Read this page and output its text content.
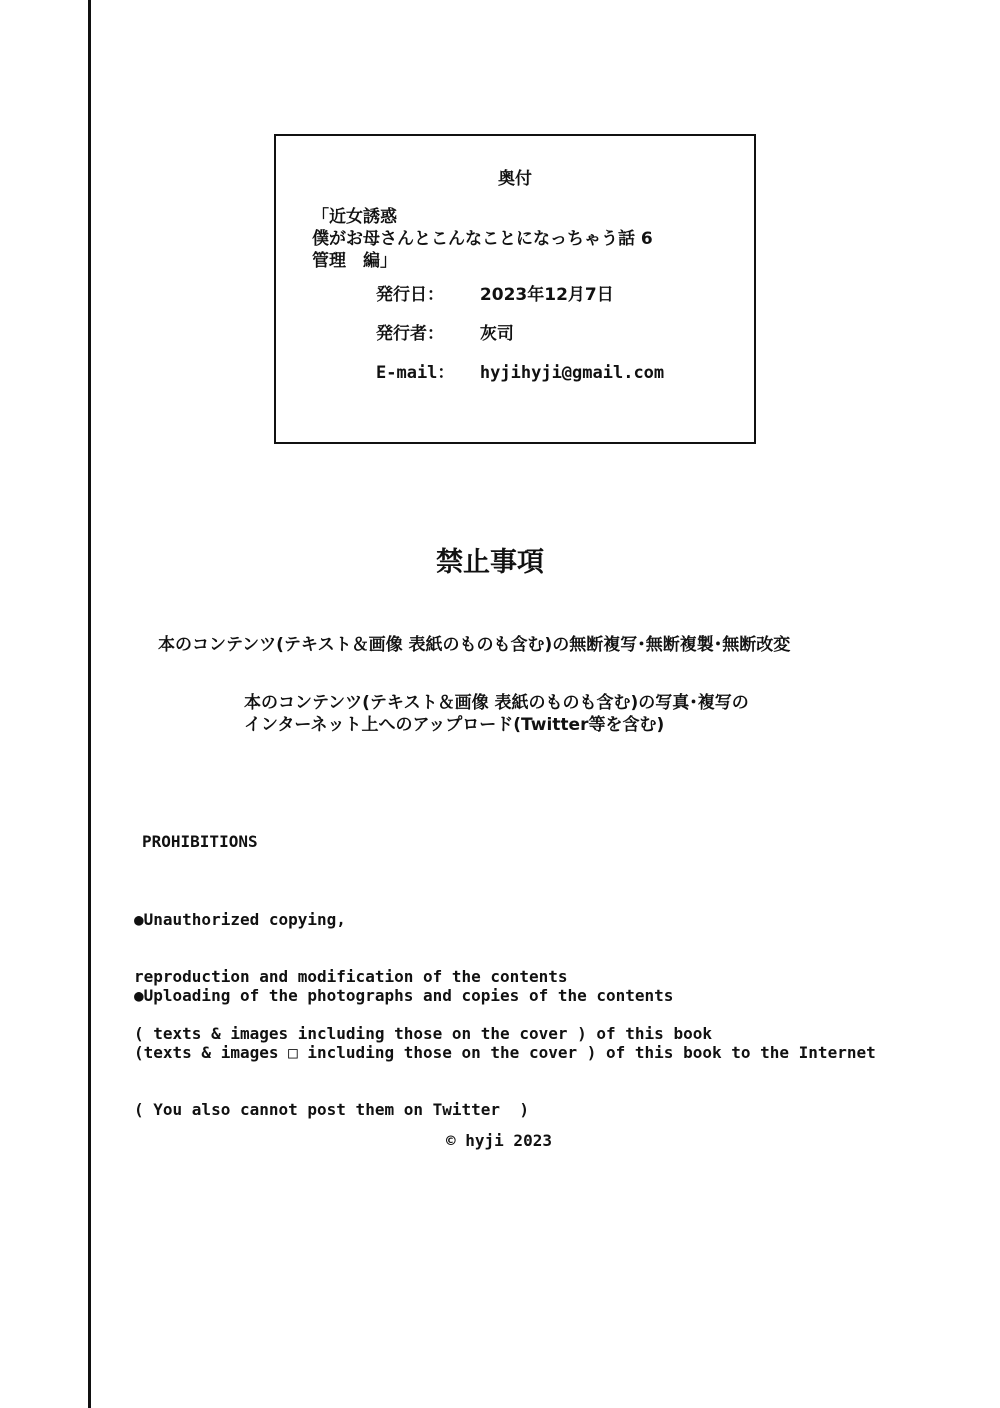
奥付
「近女誘惑
僕がお母さんとこんなことになっちゃう話 6
管理　編」
発行日： 2023年12月7日
発行者： 灰司
E-mail： hyjihyji@gmail.com
禁止事項
本のコンテンツ(テキスト＆画像 表紙のものも含む)の無断複写･無断複製･無断改変
本のコンテンツ(テキスト＆画像 表紙のものも含む)の写真･複写の
インターネット上へのアップロード(Twitter等を含む)
PROHIBITIONS

●Unauthorized copying,

reproduction and modification of the contents

( texts & images including those on the cover ) of this book

●Uploading of the photographs and copies of the contents

(texts & images □ including those on the cover ) of this book to the Internet

( You also cannot post them on Twitter  )

© hyji 2023
